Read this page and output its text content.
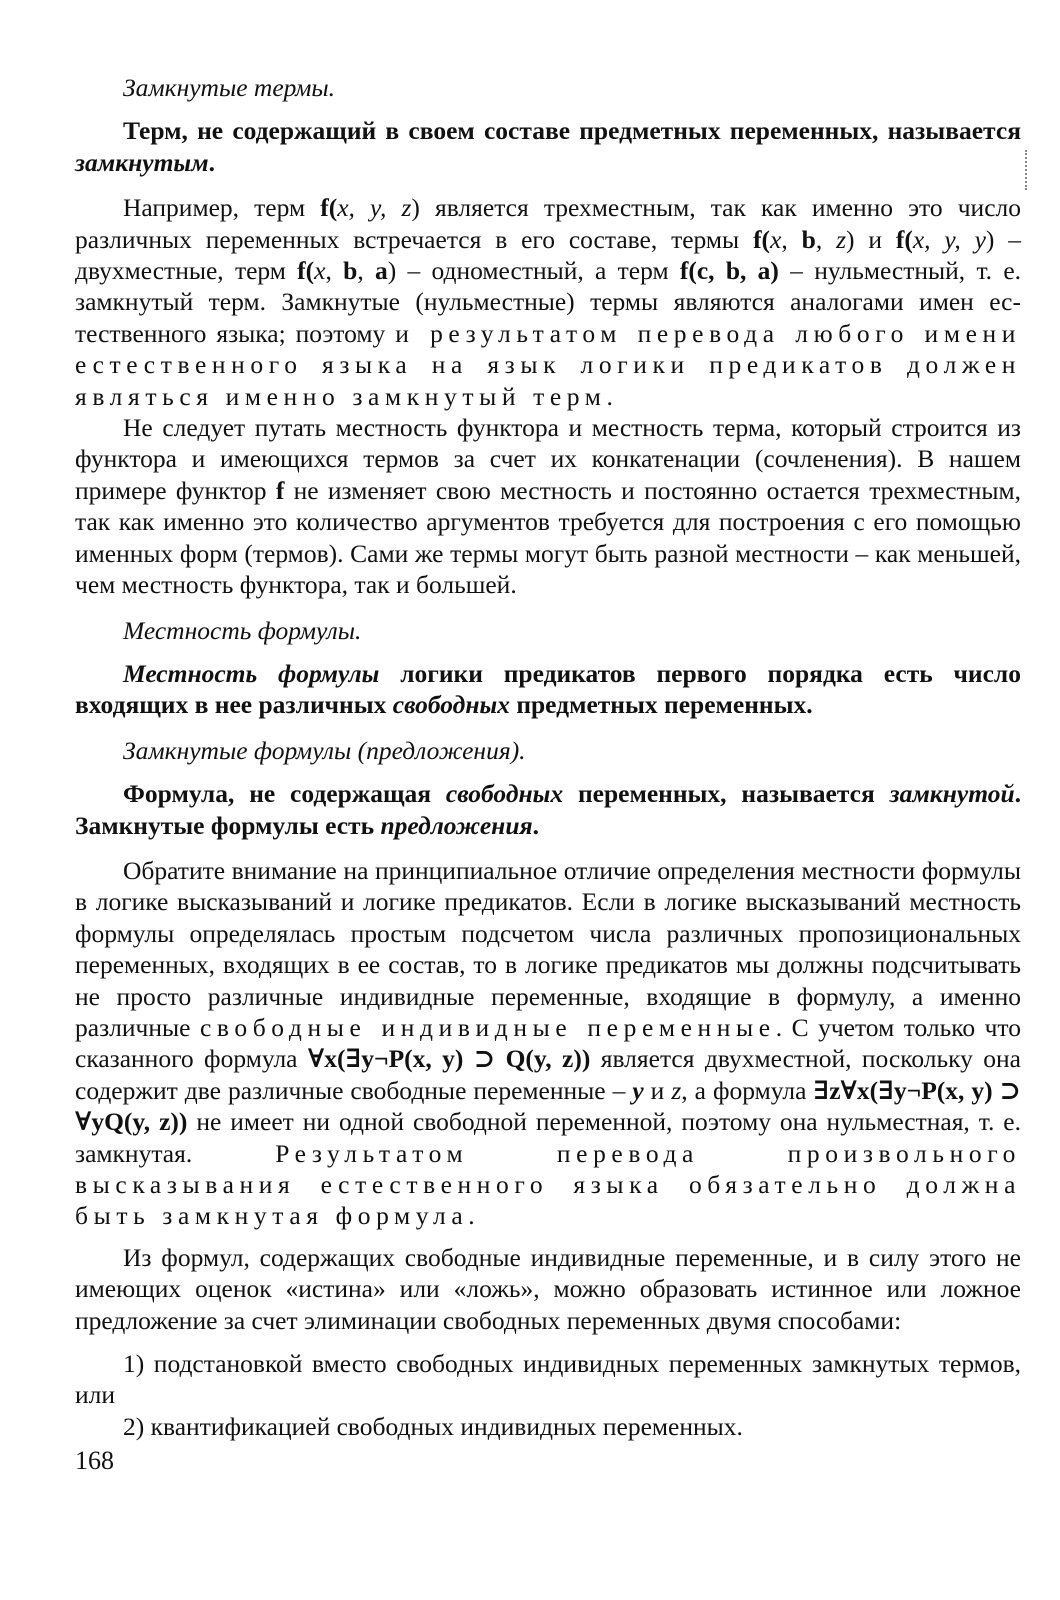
Замкнутые термы.

Терм, не содержащий в своем составе предметных переменных, называется замкнутым.

Например, терм f(x, y, z) является трехместным, так как именно это число различных переменных встречается в его составе, термы f(x, b, z) и f(x, y, y) – двухместные, терм f(x, b, a) – одноместный, а терм f(c, b, a) – нульместный, т. е. замкнутый терм. Замкнутые (нульместные) термы являются аналогами имен естественного языка; поэтому и результатом перевода любого имени естественного языка на язык логики предикатов должен являться именно замкнутый терм.

Не следует путать местность функтора и местность терма, который строится из функтора и имеющихся термов за счет их конкатенации (сочленения). В нашем примере функтор f не изменяет свою местность и постоянно остается трехместным, так как именно это количество аргументов требуется для построения с его помощью именных форм (термов). Сами же термы могут быть разной местности – как меньшей, чем местность функтора, так и большей.

Местность формулы.

Местность формулы логики предикатов первого порядка есть число входящих в нее различных свободных предметных переменных.

Замкнутые формулы (предложения).

Формула, не содержащая свободных переменных, называется замкнутой. Замкнутые формулы есть предложения.

Обратите внимание на принципиальное отличие определения местности формулы в логике высказываний и логике предикатов. Если в логике высказываний местность формулы определялась простым подсчетом числа различных пропозициональных переменных, входящих в ее состав, то в логике предикатов мы должны подсчитывать не просто различные индивидные переменные, входящие в формулу, а именно различные свободные индивидные переменные. С учетом только что сказанного формула ∀x(∃y¬P(x, y) ⊃ Q(y, z)) является двухместной, поскольку она содержит две различные свободные переменные – y и z, а формула ∃z∀x(∃y¬P(x, y) ⊃ ∀yQ(y, z)) не имеет ни одной свободной переменной, поэтому она нульместная, т. е. замкнутая. Результатом перевода произвольного высказывания естественного языка обязательно должна быть замкнутая формула.

Из формул, содержащих свободные индивидные переменные, и в силу этого не имеющих оценок «истина» или «ложь», можно образовать истинное или ложное предложение за счет элиминации свободных переменных двумя способами:

1) подстановкой вместо свободных индивидных переменных замкнутых термов, или

2) квантификацией свободных индивидных переменных.

168
